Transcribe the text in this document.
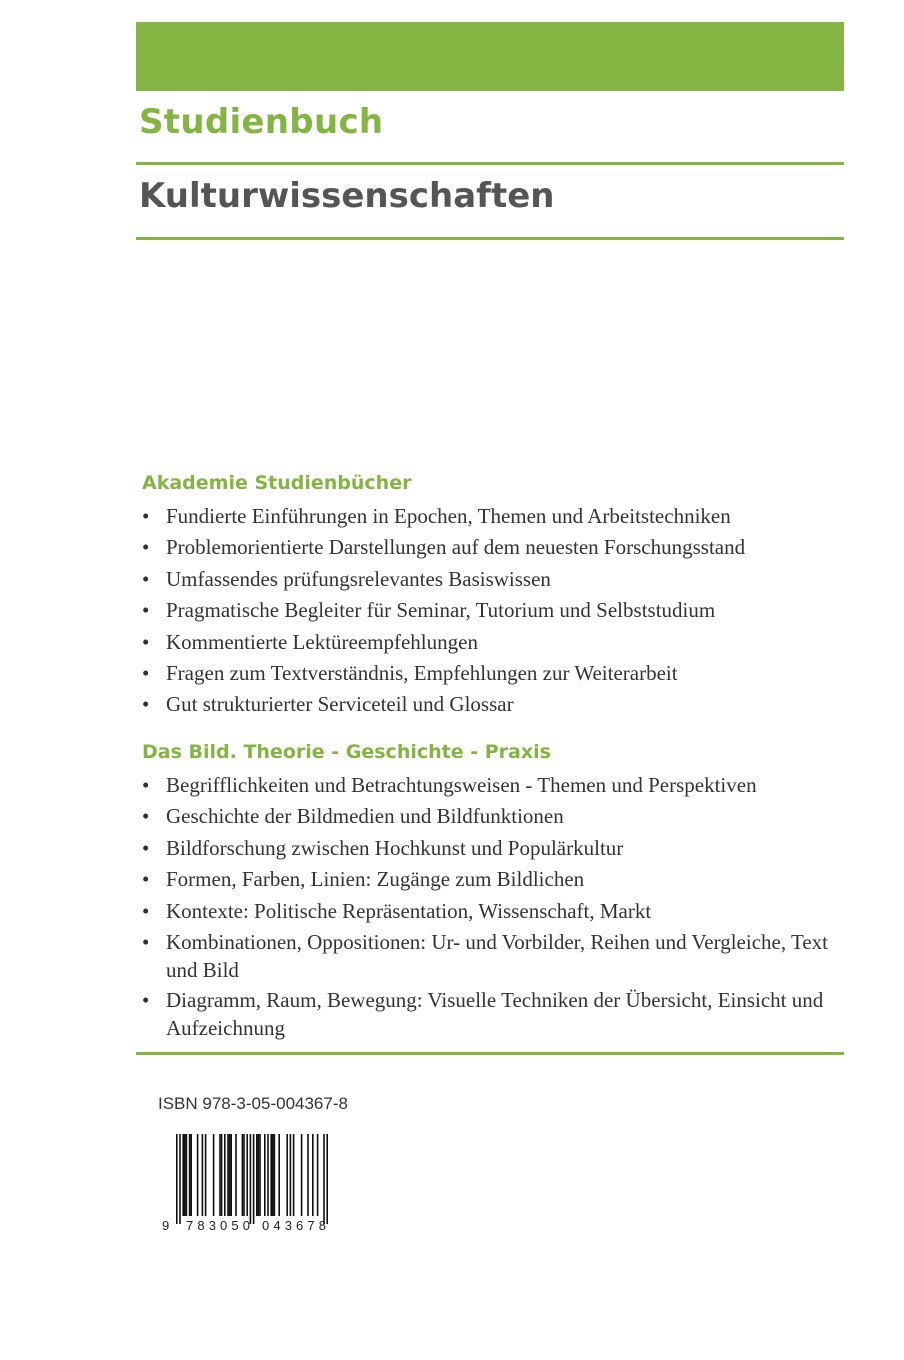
Studienbuch
Kulturwissenschaften
Akademie Studienbücher
• Fundierte Einführungen in Epochen, Themen und Arbeitstechniken
• Problemorientierte Darstellungen auf dem neuesten Forschungsstand
• Umfassendes prüfungsrelevantes Basiswissen
• Pragmatische Begleiter für Seminar, Tutorium und Selbststudium
• Kommentierte Lektüreempfehlungen
• Fragen zum Textverständnis, Empfehlungen zur Weiterarbeit
• Gut strukturierter Serviceteil und Glossar
Das Bild. Theorie - Geschichte - Praxis
• Begrifflichkeiten und Betrachtungsweisen - Themen und Perspektiven
• Geschichte der Bildmedien und Bildfunktionen
• Bildforschung zwischen Hochkunst und Populärkultur
• Formen, Farben, Linien: Zugänge zum Bildlichen
• Kontexte: Politische Repräsentation, Wissenschaft, Markt
• Kombinationen, Oppositionen: Ur- und Vorbilder, Reihen und Vergleiche, Text und Bild
• Diagramm, Raum, Bewegung: Visuelle Techniken der Übersicht, Einsicht und Aufzeichnung

ISBN 978-3-05-004367-8

9 783050 043678
